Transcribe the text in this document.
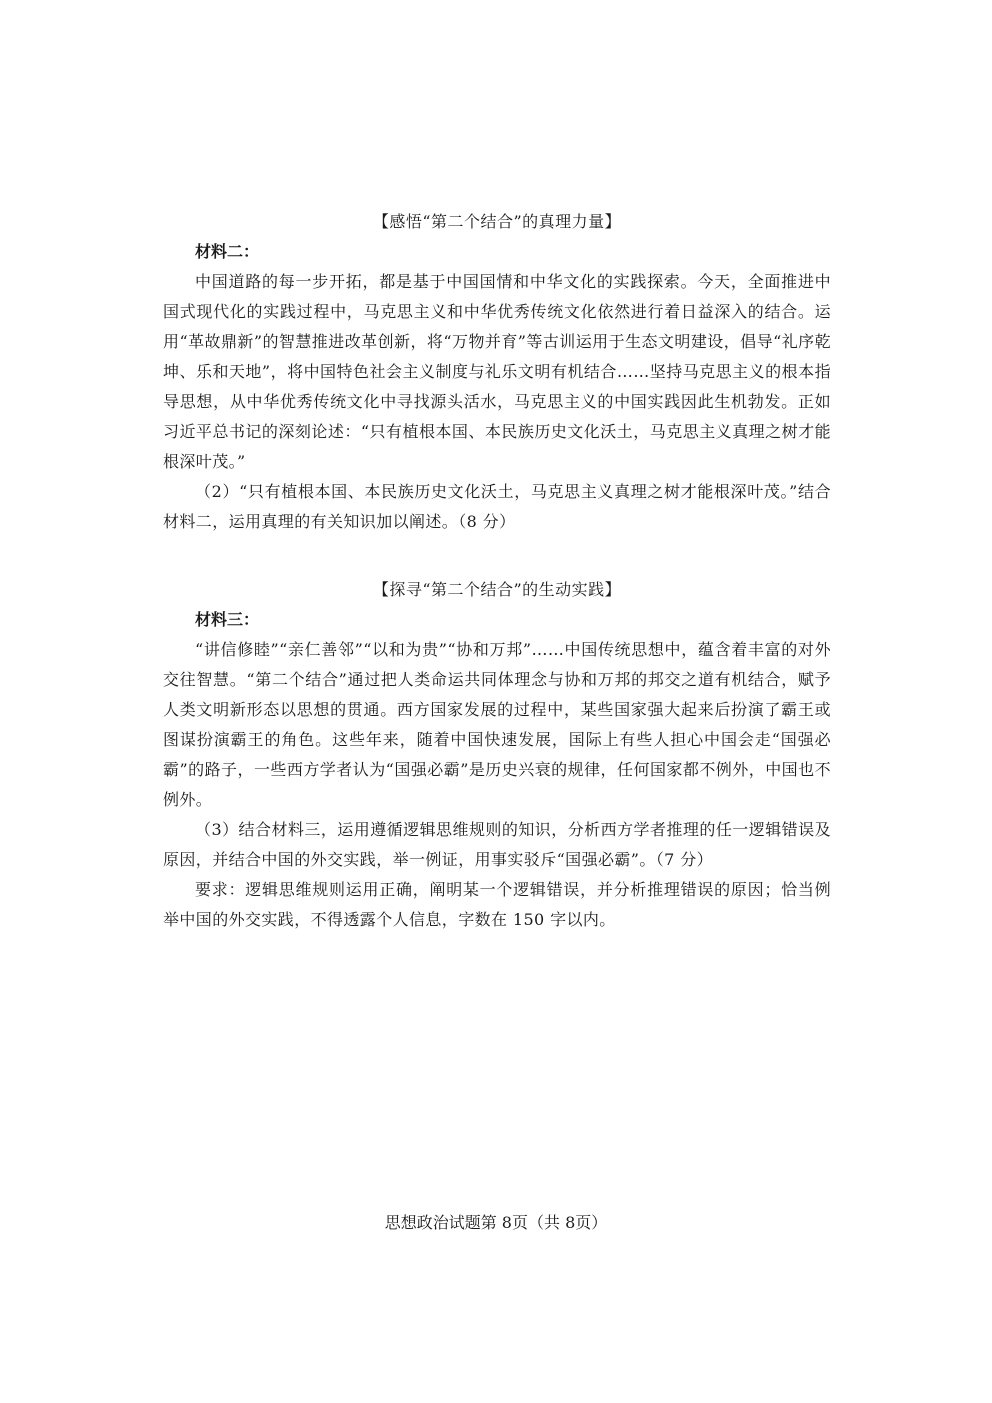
【感悟“第二个结合”的真理力量】

材料二：

中国道路的每一步开拓，都是基于中国国情和中华文化的实践探索。今天，全面推进中国式现代化的实践过程中，马克思主义和中华优秀传统文化依然进行着日益深入的结合。运用“革故鼎新”的智慧推进改革创新，将“万物并育”等古训运用于生态文明建设，倡导“礼序乾坤、乐和天地”，将中国特色社会主义制度与礼乐文明有机结合……坚持马克思主义的根本指导思想，从中华优秀传统文化中寻找源头活水，马克思主义的中国实践因此生机勃发。正如习近平总书记的深刻论述：“只有植根本国、本民族历史文化沃土，马克思主义真理之树才能根深叶茂。”

（2）“只有植根本国、本民族历史文化沃土，马克思主义真理之树才能根深叶茂。”结合材料二，运用真理的有关知识加以阐述。（8 分）

【探寻“第二个结合”的生动实践】

材料三：

“讲信修睦”“亲仁善邻”“以和为贵”“协和万邦”……中国传统思想中，蕴含着丰富的对外交往智慧。“第二个结合”通过把人类命运共同体理念与协和万邦的邦交之道有机结合，赋予人类文明新形态以思想的贯通。西方国家发展的过程中，某些国家强大起来后扮演了霸王或图谋扮演霸王的角色。这些年来，随着中国快速发展，国际上有些人担心中国会走“国强必霸”的路子，一些西方学者认为“国强必霸”是历史兴衰的规律，任何国家都不例外，中国也不例外。

（3）结合材料三，运用遵循逻辑思维规则的知识，分析西方学者推理的任一逻辑错误及原因，并结合中国的外交实践，举一例证，用事实驳斥“国强必霸”。（7 分）

要求：逻辑思维规则运用正确，阐明某一个逻辑错误，并分析推理错误的原因；恰当例举中国的外交实践，不得透露个人信息，字数在 150 字以内。

思想政治试题第 8页（共 8页）
